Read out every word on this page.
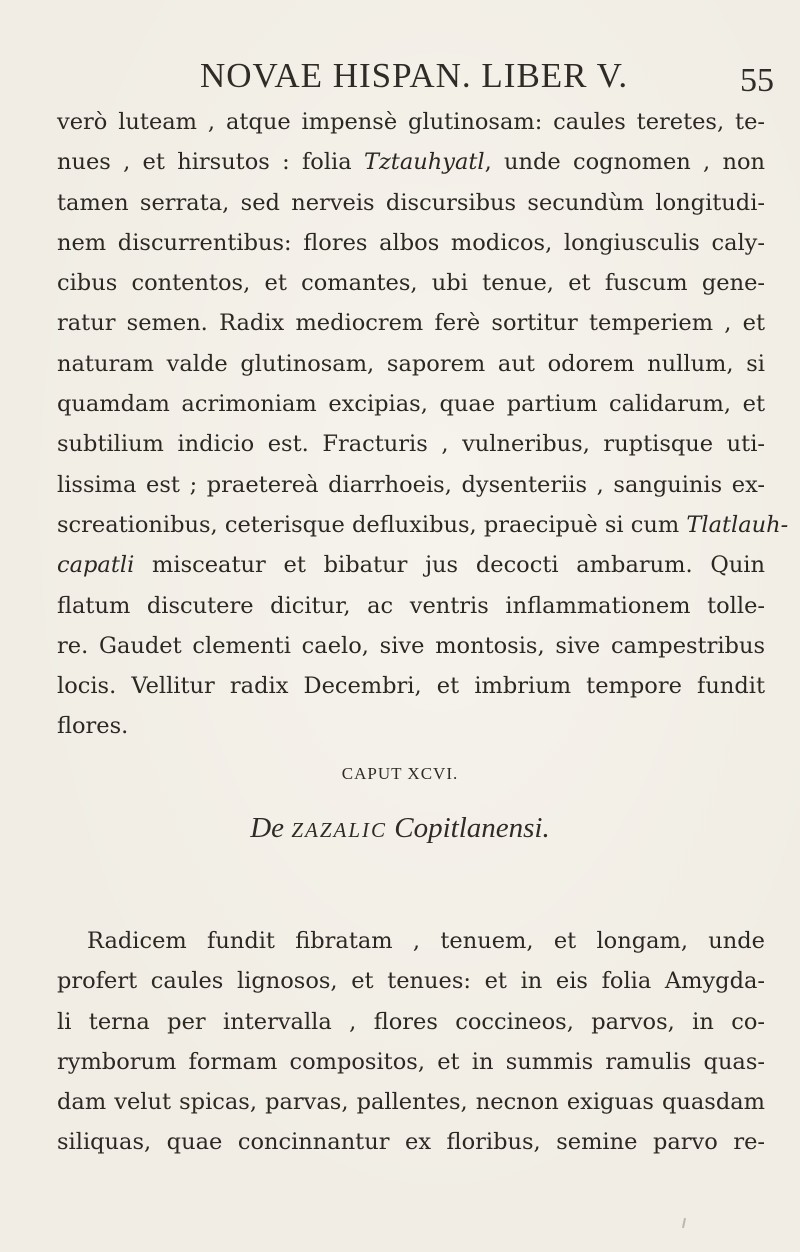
NOVAE HISPAN. LIBER V.	55
verò luteam , atque impensè glutinosam: caules teretes, te-
nues , et hirsutos : folia Tztauhyatl, unde cognomen , non
tamen serrata, sed nerveis discursibus secundùm longitudi-
nem discurrentibus: flores albos modicos, longiusculis caly-
cibus contentos, et comantes, ubi tenue, et fuscum gene-
ratur semen. Radix mediocrem ferè sortitur temperiem , et
naturam valde glutinosam, saporem aut odorem nullum, si
quamdam acrimoniam excipias, quae partium calidarum, et
subtilium indicio est. Fracturis , vulneribus, ruptisque uti-
lissima est ; praetereà diarrhoeis, dysenteriis , sanguinis ex-
screationibus, ceterisque defluxibus, praecipuè si cum Tlatlauh-
capatli misceatur et bibatur jus decocti ambarum. Quin
flatum discutere dicitur, ac ventris inflammationem tolle-
re. Gaudet clementi caelo, sive montosis, sive campestribus
locis. Vellitur radix Decembri, et imbrium tempore fundit
flores.
CAPUT XCVI.
De ZAZALIC Copitlanensi.
Radicem fundit fibratam , tenuem, et longam, unde
profert caules lignosos, et tenues: et in eis folia Amygda-
li terna per intervalla , flores coccineos, parvos, in co-
rymborum formam compositos, et in summis ramulis quas-
dam velut spicas, parvas, pallentes, necnon exiguas quasdam
siliquas, quae concinnantur ex floribus, semine parvo re-
